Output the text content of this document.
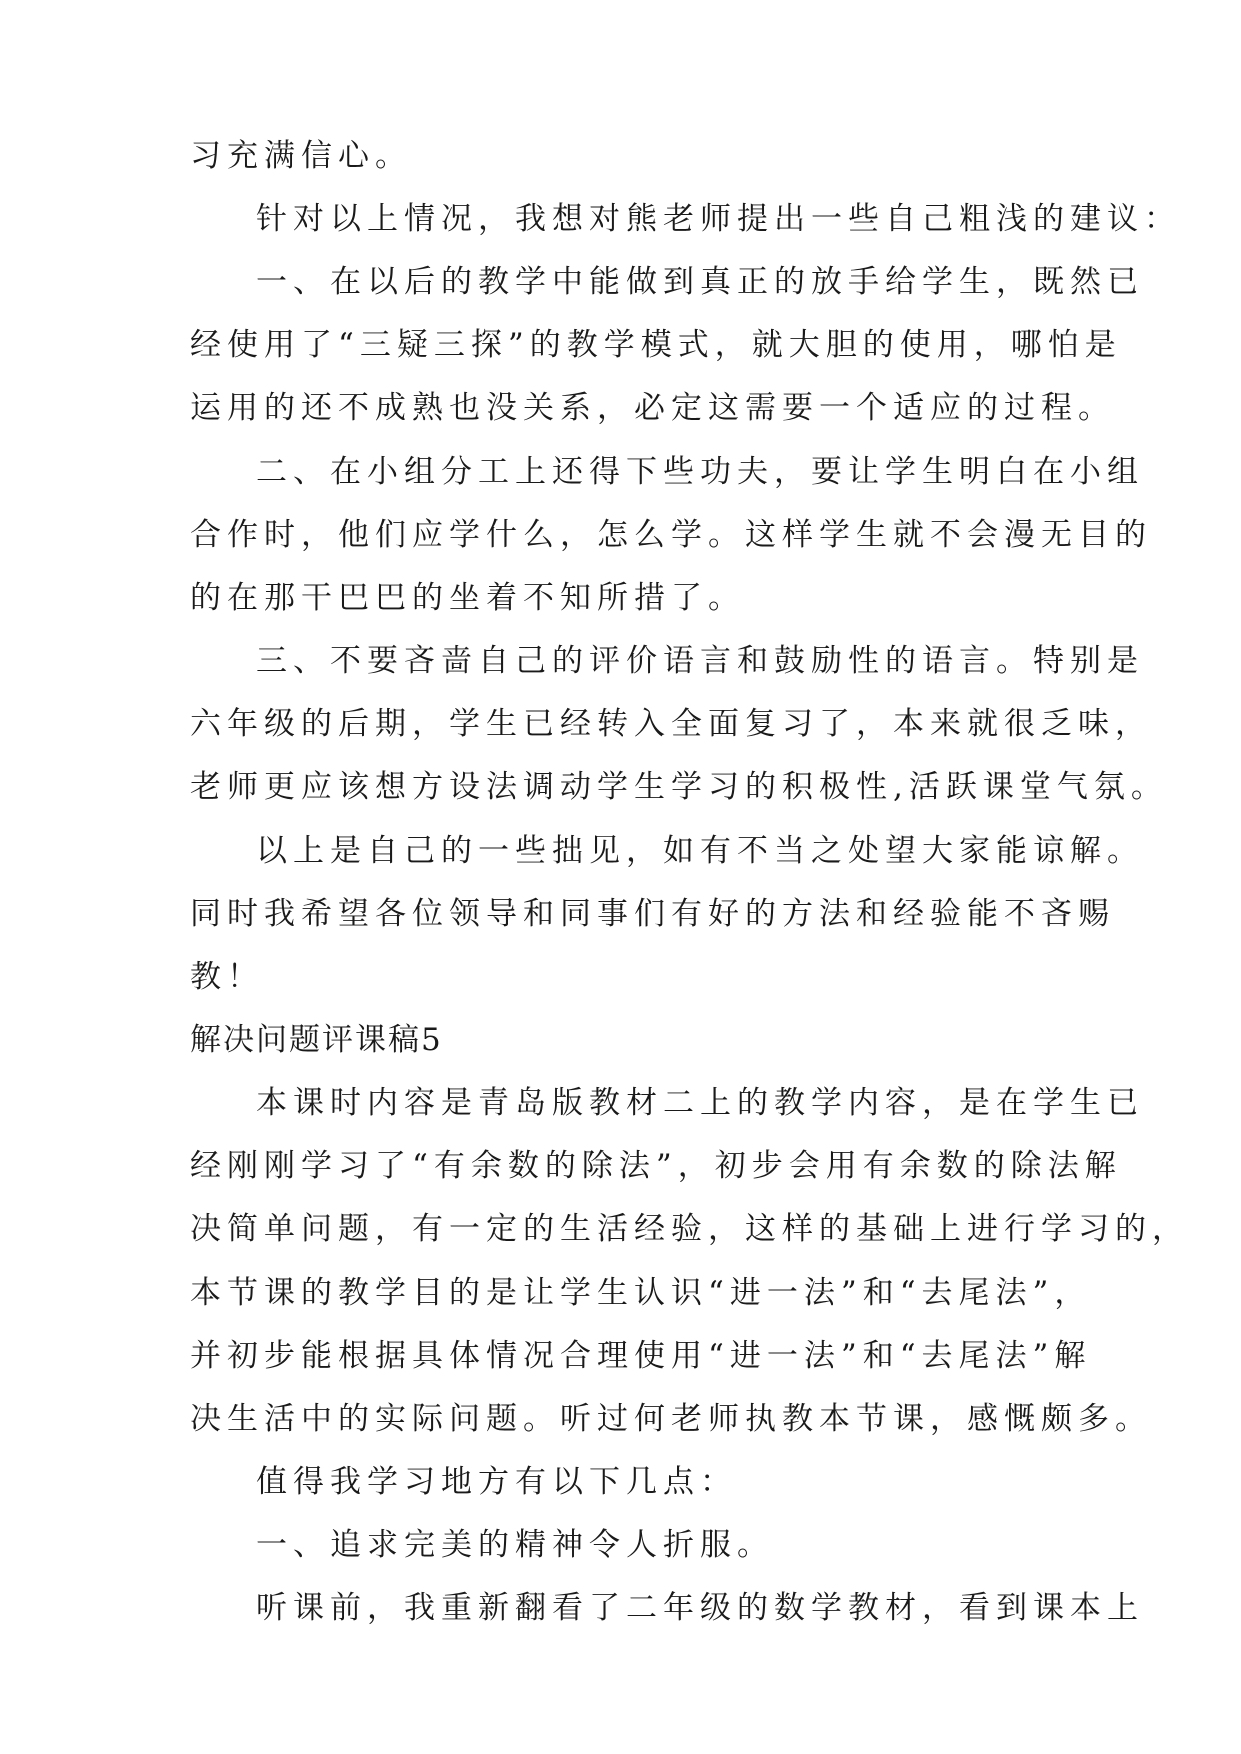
习充满信心。
针对以上情况，我想对熊老师提出一些自己粗浅的建议：
一、在以后的教学中能做到真正的放手给学生，既然已
经使用了“三疑三探”的教学模式，就大胆的使用，哪怕是
运用的还不成熟也没关系，必定这需要一个适应的过程。
二、在小组分工上还得下些功夫，要让学生明白在小组
合作时，他们应学什么，怎么学。这样学生就不会漫无目的
的在那干巴巴的坐着不知所措了。
三、不要吝啬自己的评价语言和鼓励性的语言。特别是
六年级的后期，学生已经转入全面复习了，本来就很乏味，
老师更应该想方设法调动学生学习的积极性,活跃课堂气氛。
以上是自己的一些拙见，如有不当之处望大家能谅解。
同时我希望各位领导和同事们有好的方法和经验能不吝赐
教！
解决问题评课稿5
本课时内容是青岛版教材二上的教学内容，是在学生已
经刚刚学习了“有余数的除法”，初步会用有余数的除法解
决简单问题，有一定的生活经验，这样的基础上进行学习的，
本节课的教学目的是让学生认识“进一法”和“去尾法”，
并初步能根据具体情况合理使用“进一法”和“去尾法”解
决生活中的实际问题。听过何老师执教本节课，感慨颇多。
值得我学习地方有以下几点：
一、追求完美的精神令人折服。
听课前，我重新翻看了二年级的数学教材，看到课本上
